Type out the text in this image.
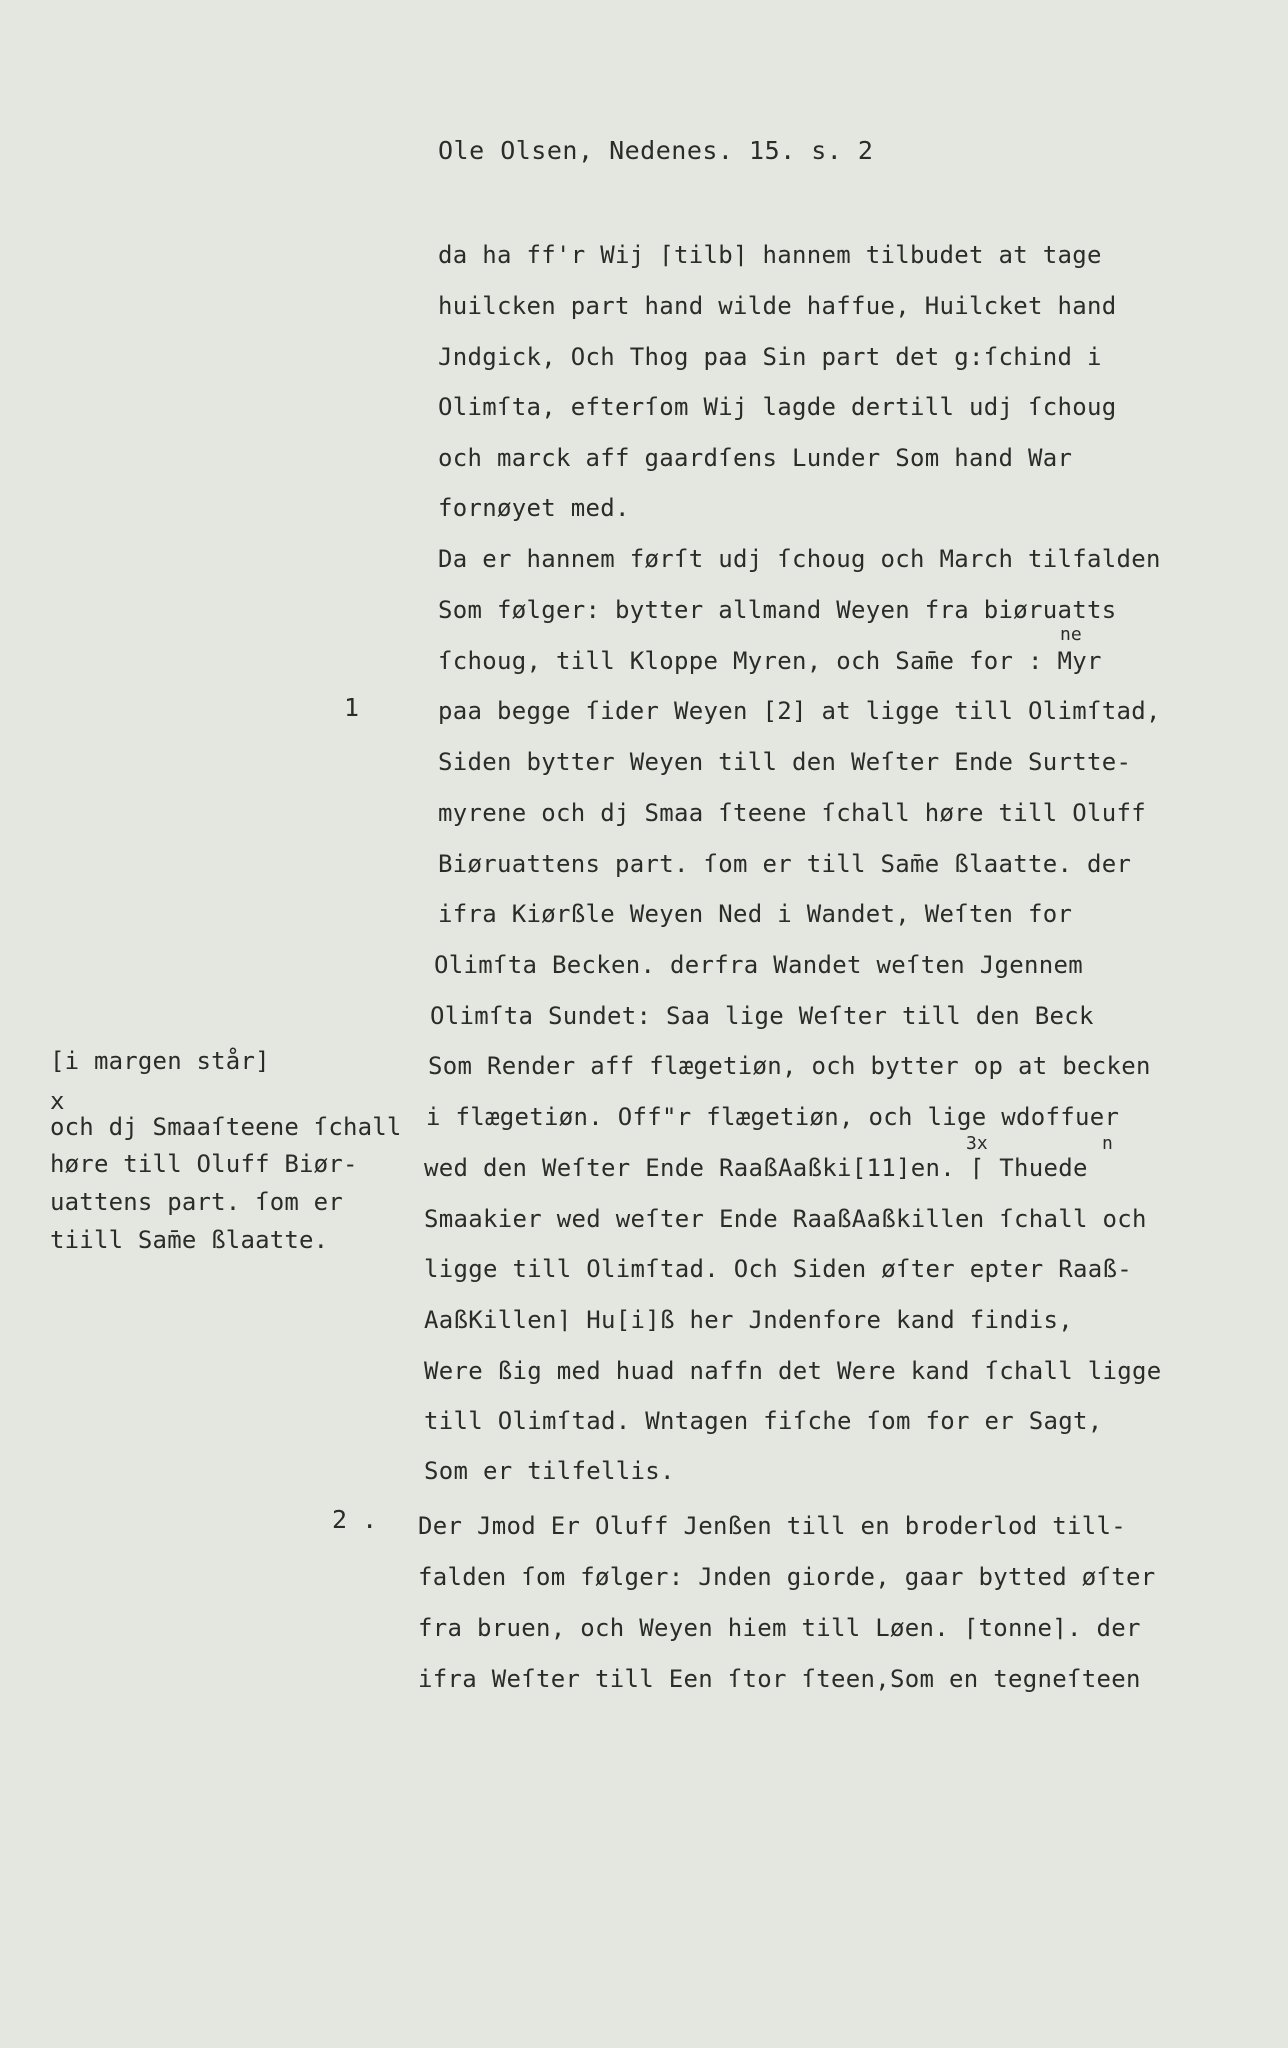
Ole Olsen, Nedenes. 15. s. 2
da ha ff'r Wij ⌈tilb⌉ hannem tilbudet at tage
huilcken part hand wilde haffue, Huilcket hand
Jndgick, Och Thog paa Sin part det g:ſchind i
Olimſta, efterſom Wij lagde dertill udj ſchoug
och marck aff gaardſens Lunder Som hand War
fornøyet med.
Da er hannem førſt udj ſchoug och March tilfalden
Som følger: bytter allmand Weyen fra biøruatts
ſchoug, till Kloppe Myren, och Sam̄e for : Myr
paa begge ſider Weyen [2] at ligge till Olimſtad,
Siden bytter Weyen till den Weſter Ende Surtte-
myrene och dj Smaa ſteene ſchall høre till Oluff
Biøruattens part. ſom er till Sam̄e ßlaatte. der
ifra Kiørßle Weyen Ned i Wandet, Weſten for
Olimſta Becken. derfra Wandet weſten Jgennem
Olimſta Sundet: Saa lige Weſter till den Beck
Som Render aff flægetiøn, och bytter op at becken
i flægetiøn. Off"r flægetiøn, och lige wdoffuer
wed den Weſter Ende RaaßAaßki[11]en. ⌈ Thuede
Smaakier wed weſter Ende RaaßAaßkillen ſchall och
ligge till Olimſtad. Och Siden øſter epter Raaß-
AaßKillen⌉ Hu[i]ß her Jndenfore kand findis,
Were ßig med huad naffn det Were kand ſchall ligge
till Olimſtad. Wntagen fiſche ſom for er Sagt,
Som er tilfellis.
ne
3x	n
1
2 . Der Jmod Er Oluff Jenßen till en broderlod till-
falden ſom følger: Jnden giorde, gaar bytted øſter
fra bruen, och Weyen hiem till Løen. ⌈tonne⌉. der
ifra Weſter till Een ſtor ſteen,Som en tegneſteen
[i margen står]
x
och dj Smaaſteene ſchall
høre till Oluff Biør-
uattens part. ſom er
tiill Sam̄e ßlaatte.
